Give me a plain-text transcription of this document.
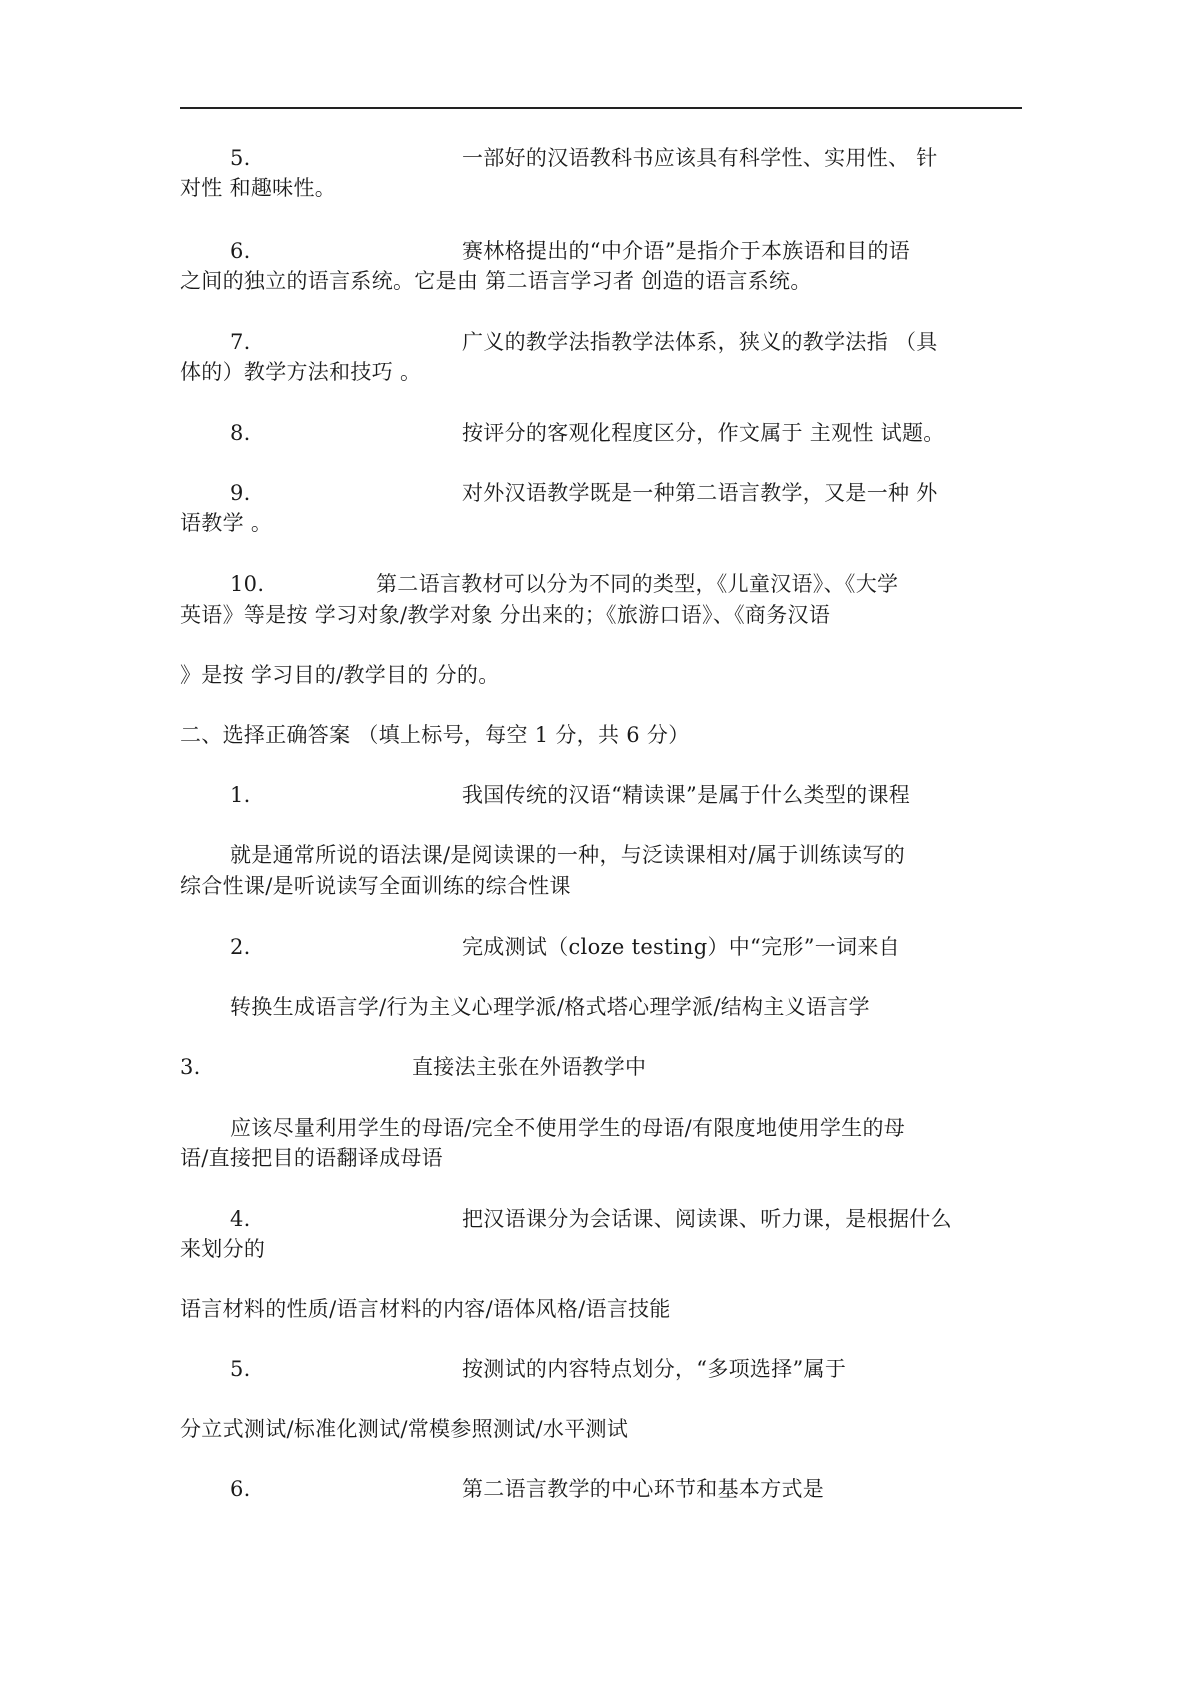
5.	一部好的汉语教科书应该具有科学性、实用性、 针
对性 和趣味性。
6.	赛林格提出的“中介语”是指介于本族语和目的语
之间的独立的语言系统。它是由 第二语言学习者 创造的语言系统。
7.	广义的教学法指教学法体系，狭义的教学法指 （具
体的）教学方法和技巧 。
8.	按评分的客观化程度区分，作文属于 主观性 试题。
9.	对外汉语教学既是一种第二语言教学，又是一种 外
语教学 。
10.	第二语言教材可以分为不同的类型，《儿童汉语》、《大学
英语》等是按 学习对象/教学对象 分出来的；《旅游口语》、《商务汉语
》是按 学习目的/教学目的 分的。
二、选择正确答案 （填上标号，每空 1 分，共 6 分）
1.	我国传统的汉语“精读课”是属于什么类型的课程
就是通常所说的语法课/是阅读课的一种，与泛读课相对/属于训练读写的
综合性课/是听说读写全面训练的综合性课
2.	完成测试（cloze testing）中“完形”一词来自
转换生成语言学/行为主义心理学派/格式塔心理学派/结构主义语言学
3.	直接法主张在外语教学中
应该尽量利用学生的母语/完全不使用学生的母语/有限度地使用学生的母
语/直接把目的语翻译成母语
4.	把汉语课分为会话课、阅读课、听力课，是根据什么
来划分的
语言材料的性质/语言材料的内容/语体风格/语言技能
5.	按测试的内容特点划分，“多项选择”属于
分立式测试/标准化测试/常模参照测试/水平测试
6.	第二语言教学的中心环节和基本方式是
